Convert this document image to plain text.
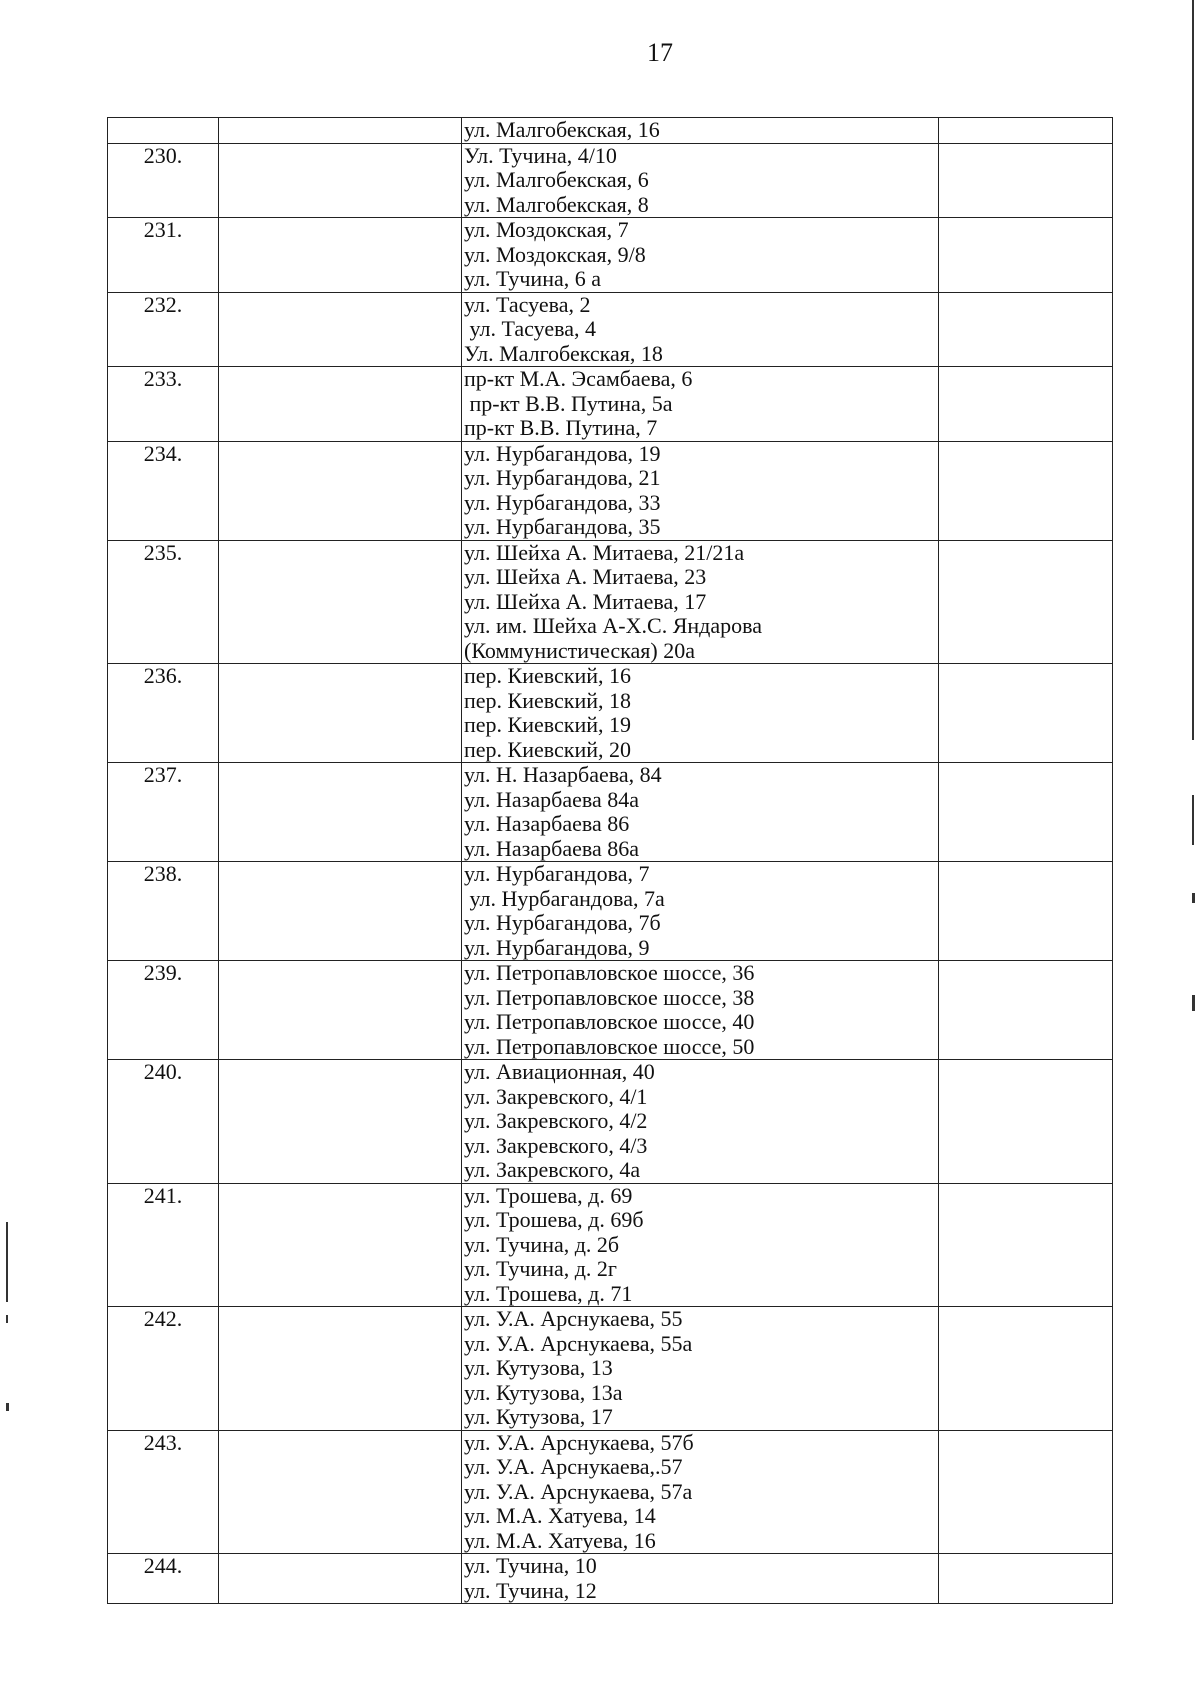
17

		ул. Малгобекская, 16	

230.		Ул. Тучина, 4/10
ул. Малгобекская, 6
ул. Малгобекская, 8	

231.		ул. Моздокская, 7
ул. Моздокская, 9/8
ул. Тучина, 6 а	

232.		ул. Тасуева, 2
ул. Тасуева, 4
Ул. Малгобекская, 18	

233.		пр-кт М.А. Эсамбаева, 6
пр-кт В.В. Путина, 5а
пр-кт В.В. Путина, 7	

234.		ул. Нурбагандова, 19
ул. Нурбагандова, 21
ул. Нурбагандова, 33
ул. Нурбагандова, 35	

235.		ул. Шейха А. Митаева, 21/21а
ул. Шейха А. Митаева, 23
ул. Шейха А. Митаева, 17
ул. им. Шейха А-Х.С. Яндарова
(Коммунистическая) 20а	

236.		пер. Киевский, 16
пер. Киевский, 18
пер. Киевский, 19
пер. Киевский, 20	

237.		ул. Н. Назарбаева, 84
ул. Назарбаева 84а
ул. Назарбаева 86
ул. Назарбаева 86а	

238.		ул. Нурбагандова, 7
ул. Нурбагандова, 7а
ул. Нурбагандова, 7б
ул. Нурбагандова, 9	

239.		ул. Петропавловское шоссе, 36
ул. Петропавловское шоссе, 38
ул. Петропавловское шоссе, 40
ул. Петропавловское шоссе, 50	

240.		ул. Авиационная, 40
ул. Закревского, 4/1
ул. Закревского, 4/2
ул. Закревского, 4/3
ул. Закревского, 4а	

241.		ул. Трошева, д. 69
ул. Трошева, д. 69б
ул. Тучина, д. 2б
ул. Тучина, д. 2г
ул. Трошева, д. 71	

242.		ул. У.А. Арснукаева, 55
ул. У.А. Арснукаева, 55а
ул. Кутузова, 13
ул. Кутузова, 13а
ул. Кутузова, 17	

243.		ул. У.А. Арснукаева, 57б
ул. У.А. Арснукаева,.57
ул. У.А. Арснукаева, 57а
ул. М.А. Хатуева, 14
ул. М.А. Хатуева, 16	

244.		ул. Тучина, 10
ул. Тучина, 12	
